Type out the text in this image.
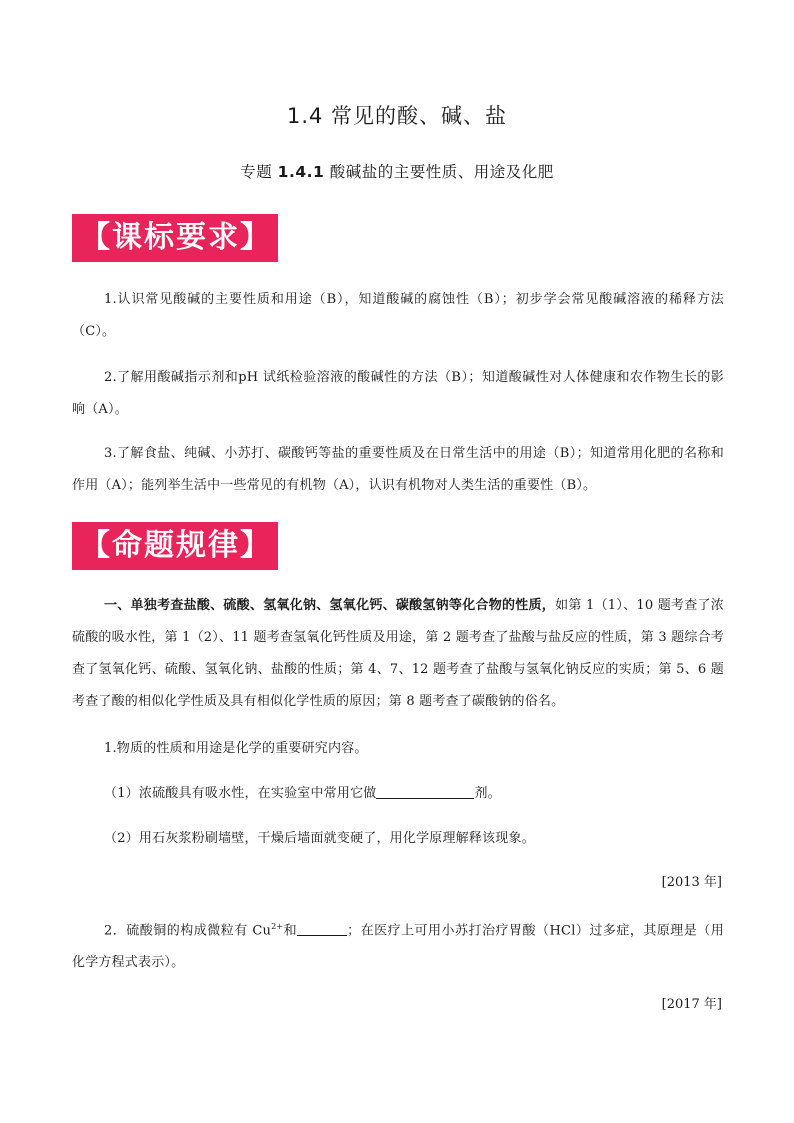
1.4 常见的酸、碱、盐
专题 1.4.1 酸碱盐的主要性质、用途及化肥
【课标要求】
1.认识常见酸碱的主要性质和用途（B），知道酸碱的腐蚀性（B）；初步学会常见酸碱溶液的稀释方法（C）。
2.了解用酸碱指示剂和pH 试纸检验溶液的酸碱性的方法（B）；知道酸碱性对人体健康和农作物生长的影响（A）。
3.了解食盐、纯碱、小苏打、碳酸钙等盐的重要性质及在日常生活中的用途（B）；知道常用化肥的名称和作用（A）；能列举生活中一些常见的有机物（A），认识有机物对人类生活的重要性（B）。
【命题规律】
一、单独考查盐酸、硫酸、氢氧化钠、氢氧化钙、碳酸氢钠等化合物的性质，如第 1（1）、10 题考查了浓硫酸的吸水性，第 1（2）、11 题考查氢氧化钙性质及用途，第 2 题考查了盐酸与盐反应的性质，第 3 题综合考查了氢氧化钙、硫酸、氢氧化钠、盐酸的性质；第 4、7、12 题考查了盐酸与氢氧化钠反应的实质；第 5、6 题考查了酸的相似化学性质及具有相似化学性质的原因；第 8 题考查了碳酸钠的俗名。
1.物质的性质和用途是化学的重要研究内容。
（1）浓硫酸具有吸水性，在实验室中常用它做	剂。
（2）用石灰浆粉刷墙壁，干燥后墙面就变硬了，用化学原理解释该现象。
[2013 年]
2．硫酸铜的构成微粒有 $Cu^{2+}$和	；在医疗上可用小苏打治疗胃酸（HCl）过多症，其原理是（用化学方程式表示）。
[2017 年]
